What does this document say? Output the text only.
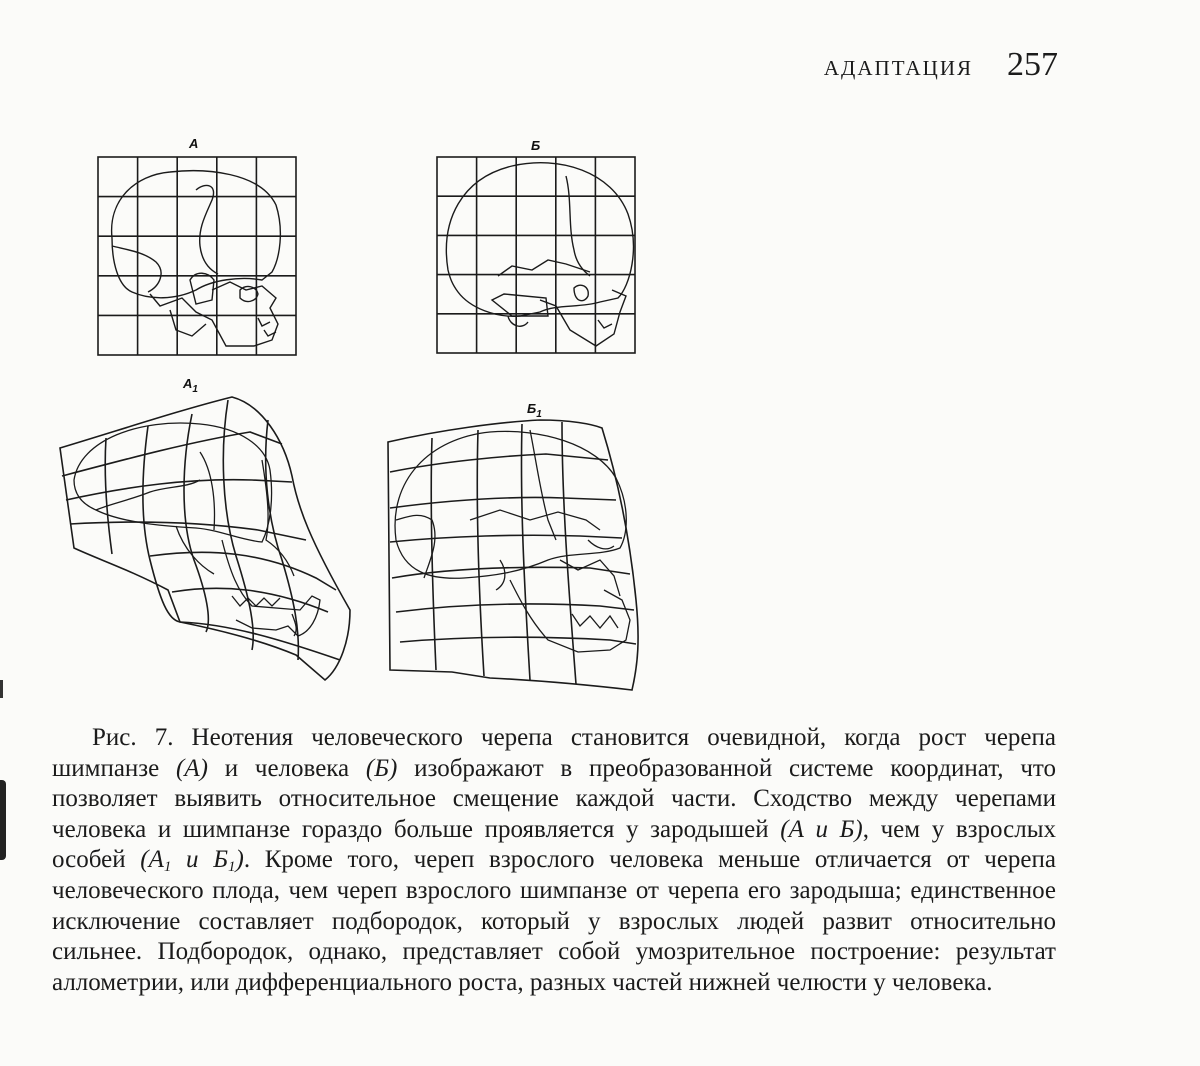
АДАПТАЦИЯ 257
А	Б
$А_1$
$Б_1$

Рис. 7. Неотения человеческого черепа становится очевидной, когда рост черепа шимпанзе (А) и человека (Б) изображают в преобразованной системе координат, что позволяет выявить относительное смещение каждой части. Сходство между черепами человека и шимпанзе гораздо больше проявляется у зародышей (А и Б), чем у взрослых особей ($А_1$ и $Б_1$). Кроме того, череп взрослого человека меньше отличается от черепа человеческого плода, чем череп взрослого шимпанзе от черепа его зародыша; единственное исключение составляет подбородок, который у взрослых людей развит относительно сильнее. Подбородок, однако, представляет собой умозрительное построение: результат аллометрии, или дифференциального роста, разных частей нижней челюсти у человека.
